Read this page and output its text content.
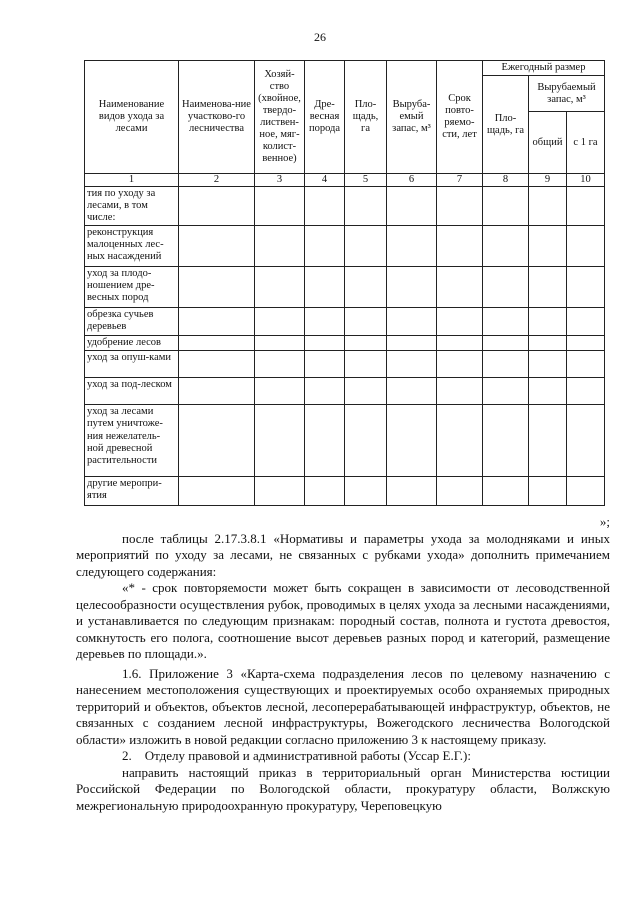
26
Наименование видов ухода за лесами	Наименова-ние участково-го лесничества	Хозяй-ство (хвойное, твердо-листвен-ное, мяг-колист-венное)	Дре-весная порода	Пло-щадь, га	Выруба-емый запас, м³	Срок повто-ряемо-сти, лет	Ежегодный размер		
							Пло-щадь, га	Вырубаемый запас, м³	
								общий	с 1 га
1	2	3	4	5	6	7	8	9	10
тия по уходу за лесами, в том числе:									
реконструкция малоценных лес-ных насаждений									
уход за плодо-ношением дре-весных пород									
обрезка сучьев деревьев									
удобрение лесов									
уход за опуш-ками									
уход за под-леском									
уход за лесами путем уничтоже-ния нежелатель-ной древесной растительности									
другие меропри-ятия									

»;

после таблицы 2.17.3.8.1 «Нормативы и параметры ухода за молодняками и иных мероприятий по уходу за лесами, не связанных с рубками ухода» дополнить примечанием следующего содержания:

«* - срок повторяемости может быть сокращен в зависимости от лесоводственной целесообразности осуществления рубок, проводимых в целях ухода за лесными насаждениями, и устанавливается по следующим признакам: породный состав, полнота и густота древостоя, сомкнутость его полога, соотношение высот деревьев разных пород и категорий, размещение деревьев по площади.».

1.6. Приложение 3 «Карта-схема подразделения лесов по целевому назначению с нанесением местоположения существующих и проектируемых особо охраняемых природных территорий и объектов, объектов лесной, лесоперерабатывающей инфраструктур, объектов, не связанных с созданием лесной инфраструктуры, Вожегодского лесничества Вологодской области» изложить в новой редакции согласно приложению 3 к настоящему приказу.

2.    Отделу правовой и административной работы (Уссар Е.Г.):

направить настоящий приказ в территориальный орган Министерства юстиции Российской Федерации по Вологодской области, прокуратуру области, Волжскую межрегиональную природоохранную прокуратуру, Череповецкую
